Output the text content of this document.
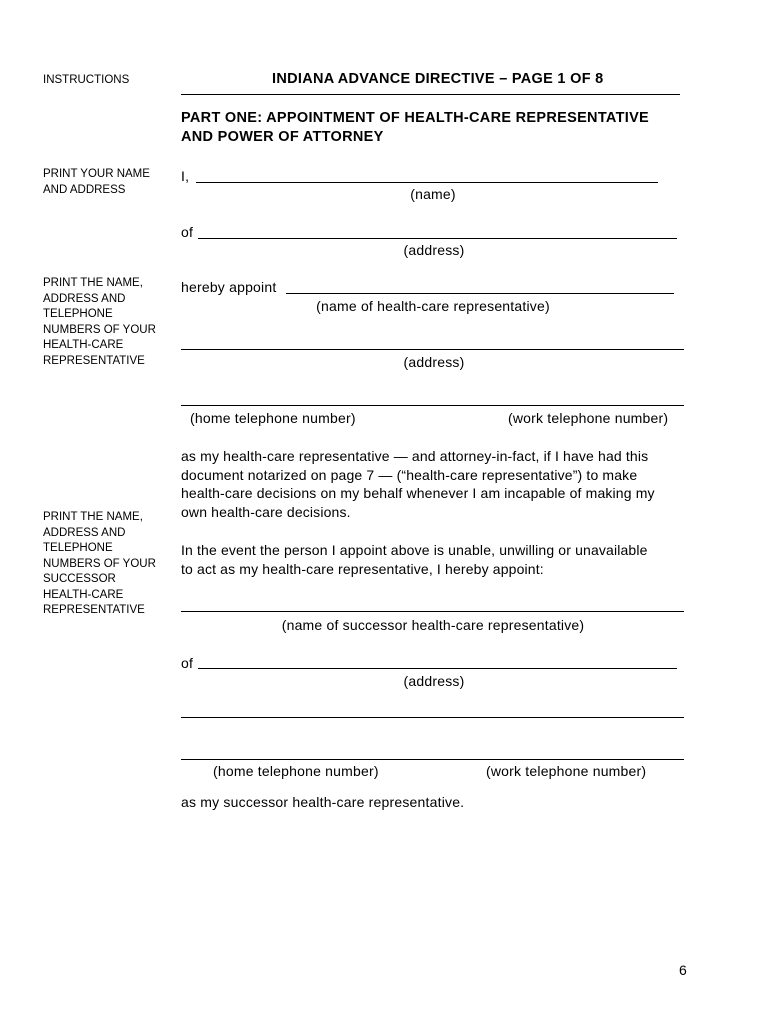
INSTRUCTIONS	INDIANA ADVANCE DIRECTIVE – PAGE 1 OF 8
PART ONE: APPOINTMENT OF HEALTH-CARE REPRESENTATIVE
AND POWER OF ATTORNEY
PRINT YOUR NAME
AND ADDRESS
PRINT THE NAME,
ADDRESS AND
TELEPHONE
NUMBERS OF YOUR
HEALTH-CARE
REPRESENTATIVE
PRINT THE NAME,
ADDRESS AND
TELEPHONE
NUMBERS OF YOUR
SUCCESSOR
HEALTH-CARE
REPRESENTATIVE
I,
(name)
of
(address)
hereby appoint
(name of health-care representative)
(address)
(home telephone number)	(work telephone number)
as my health-care representative — and attorney-in-fact, if I have had this
document notarized on page 7 — (“health-care representative”) to make
health-care decisions on my behalf whenever I am incapable of making my
own health-care decisions.
In the event the person I appoint above is unable, unwilling or unavailable
to act as my health-care representative, I hereby appoint:
(name of successor health-care representative)
of
(address)
(home telephone number)	(work telephone number)
as my successor health-care representative.
6
